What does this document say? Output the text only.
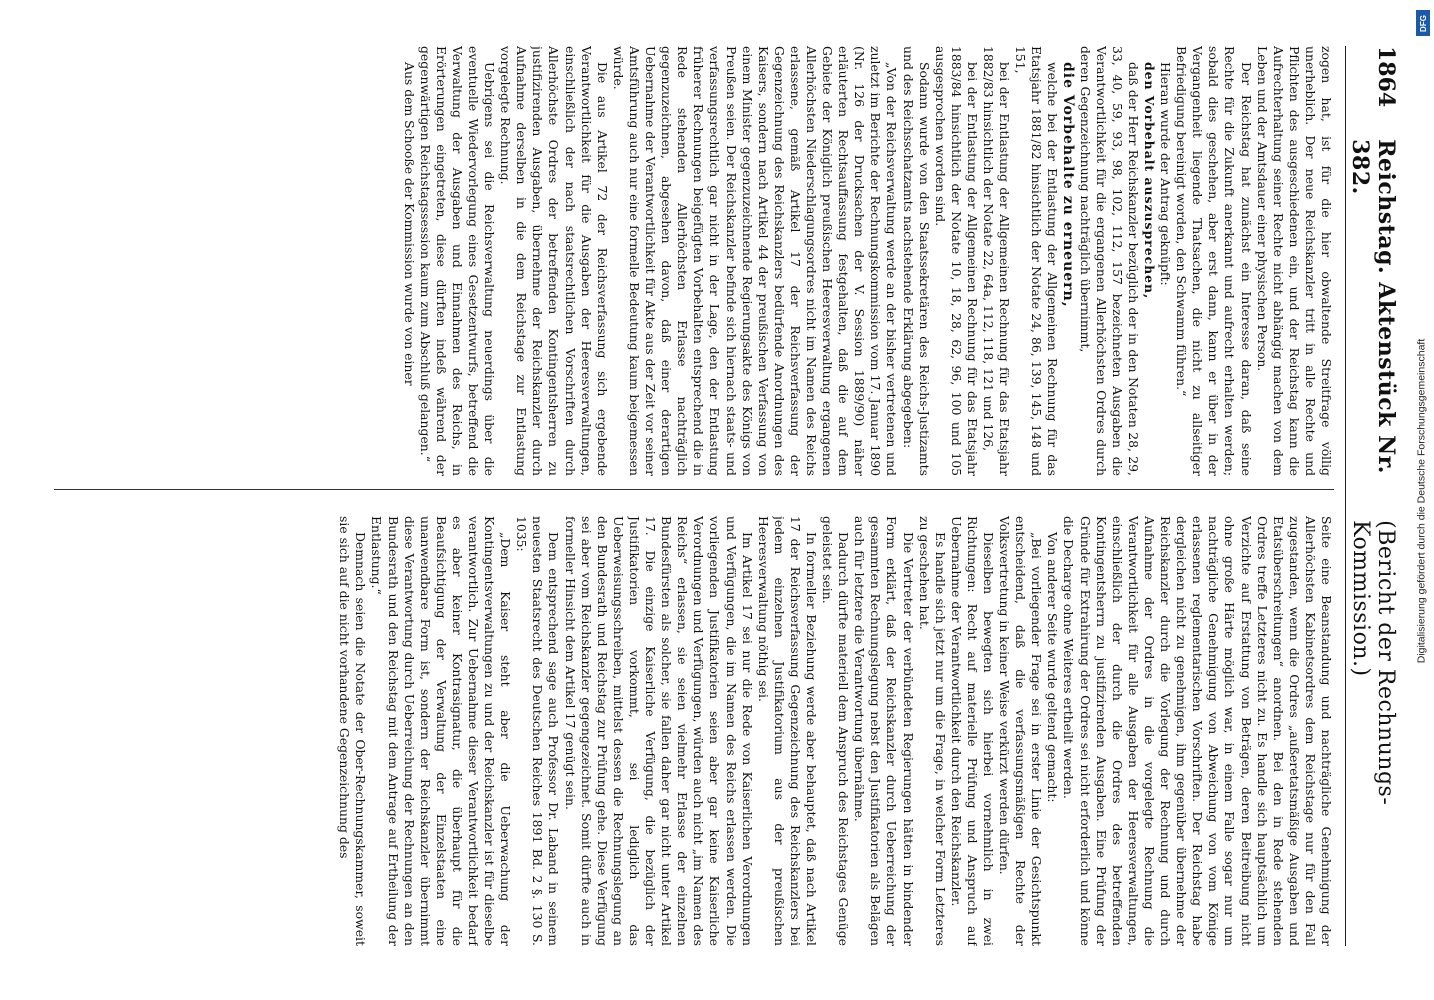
1864
Reichstag. Aktenstück Nr. 382.
(Bericht der Rechnungs-Kommission.)

zogen hat, ist für die hier obwaltende Streitfrage völlig unerheblich. Der neue Reichskanzler tritt in alle Rechte und Pflichten des ausgeschiedenen ein, und der Reichstag kann die Aufrechterhaltung seiner Rechte nicht abhängig machen von dem Leben und der Amtsdauer einer physischen Person.

Der Reichstag hat zunächst ein Interesse daran, daß seine Rechte für die Zukunft anerkannt und aufrecht erhalten werden; sobald dies geschehen, aber erst dann, kann er über in der Vergangenheit liegende Thatsachen, die nicht zu allseitiger Befriedigung bereinigt worden, den Schwamm führen.“

Hieran wurde der Antrag geknüpft:

den Vorbehalt auszusprechen,

daß der Herr Reichskanzler bezüglich der in den Notaten 28, 29, 33, 40, 59, 93, 98, 102, 112, 157 bezeichneten Ausgaben die Verantwortlichkeit für die ergangenen Allerhöchsten Ordres durch deren Gegenzeichnung nachträglich übernimmt,

die Vorbehalte zu erneuern,

welche bei der Entlastung der Allgemeinen Rechnung für das Etatsjahr 1881/82 hinsichtlich der Notate 24, 86, 139, 145, 148 und 151,

bei der Entlastung der Allgemeinen Rechnung für das Etatsjahr 1882/83 hinsichtlich der Notate 22, 64a, 112, 118, 121 und 126,

bei der Entlastung der Allgemeinen Rechnung für das Etatsjahr 1883/84 hinsichtlich der Notate 10, 18, 28, 62, 96, 100 und 105 ausgesprochen worden sind.

Sodann wurde von den Staatssekretären des Reichs-Justizamts und des Reichsschatzamts nachstehende Erklärung abgegeben:

„Von der Reichsverwaltung werde an der bisher vertretenen und zuletzt im Berichte der Rechnungskommission vom 17. Januar 1890 (Nr. 126 der Drucksachen der V. Session 1889/90) näher erläuterten Rechtsauffassung festgehalten, daß die auf dem Gebiete der Königlich preußischen Heeresverwaltung ergangenen Allerhöchsten Niederschlagungsordres nicht im Namen des Reichs erlassene, gemäß Artikel 17 der Reichsverfassung der Gegenzeichnung des Reichskanzlers bedürfende Anordnungen des Kaisers, sondern nach Artikel 44 der preußischen Verfassung von einem Minister gegenzuzeichnende Regierungsakte des Königs von Preußen seien. Der Reichskanzler befinde sich hiernach staats- und verfassungsrechtlich gar nicht in der Lage, den der Entlastung früherer Rechnungen beigefügten Vorbehalten entsprechend die in Rede stehenden Allerhöchsten Erlasse nachträglich gegenzuzeichnen, abgesehen davon, daß einer derartigen Uebernahme der Verantwortlichkeit für Akte aus der Zeit vor seiner Amtsführung auch nur eine formelle Bedeutung kaum beigemessen würde.

Die aus Artikel 72 der Reichsverfassung sich ergebende Verantwortlichkeit für die Ausgaben der Heeresverwaltungen, einschließlich der nach staatsrechtlichen Vorschriften durch Allerhöchste Ordres der betreffenden Kontingentsherren zu justifizirenden Ausgaben, übernehme der Reichskanzler durch Aufnahme derselben in die dem Reichstage zur Entlastung vorgelegte Rechnung.

Uebrigens sei die Reichsverwaltung neuerdings über die eventuelle Wiedervorlegung eines Gesetzentwurfs, betreffend die Verwaltung der Ausgaben und Einnahmen des Reichs, in Erörterungen eingetreten, diese dürften indeß während der gegenwärtigen Reichstagssession kaum zum Abschluß gelangen.“

Aus dem Schooße der Kommission wurde von einer

Seite eine Beanstandung und nachträgliche Genehmigung der Allerhöchsten Kabinetsordres dem Reichstage nur für den Fall zugestanden, wenn die Ordres „außeretatsmäßige Ausgaben und Etatsüberschreitungen“ anordnen. Bei den in Rede stehenden Ordres treffe Letzteres nicht zu. Es handle sich hauptsächlich um Verzichte auf Erstattung von Beträgen, deren Beitreibung nicht ohne große Härte möglich war, in einem Falle sogar nur um nachträgliche Genehmigung von Abweichung von vom Könige erlassenen reglementarischen Vorschriften. Der Reichstag habe dergleichen nicht zu genehmigen, ihm gegenüber übernehme der Reichskanzler durch die Vorlegung der Rechnung und durch Aufnahme der Ordres in die vorgelegte Rechnung die Verantwortlichkeit für alle Ausgaben der Heeresverwaltungen, einschließlich der durch die Ordres des betreffenden Kontingentsherrn zu justifizirenden Ausgaben. Eine Prüfung der Gründe für Extrahirung der Ordres sei nicht erforderlich und könne die Decharge ohne Weiteres ertheilt werden.

Von anderer Seite wurde geltend gemacht:

„Bei vorliegender Frage sei in erster Linie der Gesichtspunkt entscheidend, daß die verfassungsmäßigen Rechte der Volksvertretung in keiner Weise verkürzt werden dürfen.

Dieselben bewegten sich hierbei vornehmlich in zwei Richtungen: Recht auf materielle Prüfung und Anspruch auf Uebernahme der Verantwortlichkeit durch den Reichskanzler.

Es handle sich jetzt nur um die Frage, in welcher Form Letzteres zu geschehen hat.

Die Vertreter der verbündeten Regierungen hätten in bindender Form erklärt, daß der Reichskanzler durch Ueberreichung der gesammten Rechnungslegung nebst den Justifikatorien als Belägen auch für letztere die Verantwortung übernähme.

Dadurch dürfte materiell dem Anspruch des Reichstages Genüge geleistet sein.

In formeller Beziehung werde aber behauptet, daß nach Artikel 17 der Reichsverfassung Gegenzeichnung des Reichskanzlers bei jedem einzelnen Justifikatorium aus der preußischen Heeresverwaltung nöthig sei.

Im Artikel 17 sei nur die Rede von Kaiserlichen Verordnungen und Verfügungen, die im Namen des Reichs erlassen werden. Die vorliegenden Justifikatorien seien aber gar keine Kaiserliche Verordnungen und Verfügungen, würden auch nicht „im Namen des Reichs“ erlassen, sie seien vielmehr Erlasse der einzelnen Bundesfürsten als solcher, sie fallen daher gar nicht unter Artikel 17. Die einzige Kaiserliche Verfügung, die bezüglich der Justifikatorien vorkommt, sei lediglich das Ueberweisungsschreiben, mittelst dessen die Rechnungslegung an den Bundesrath und Reichstag zur Prüfung gehe. Diese Verfügung sei aber vom Reichskanzler gegengezeichnet. Somit dürfte auch in formeller Hinsicht dem Artikel 17 genügt sein.

Dem entsprechend sage auch Professor Dr. Laband in seinem neuesten Staatsrecht des Deutschen Reiches 1891 Bd. 2 §. 130 S. 1035:

„Dem Kaiser steht aber die Ueberwachung der Kontingentsverwaltungen zu und der Reichskanzler ist für dieselbe verantwortlich. Zur Uebernahme dieser Verantwortlichkeit bedarf es aber keiner Kontrasignatur, die überhaupt für die Beaufsichtigung der Verwaltung der Einzelstaaten eine unanwendbare Form ist, sondern der Reichskanzler übernimmt diese Verantwortung durch Ueberreichung der Rechnungen an den Bundesrath und den Reichstag mit dem Antrage auf Ertheilung der Entlastung.“

Demnach seien die Notate der Ober-Rechnungskammer, soweit sie sich auf die nicht vorhandene Gegenzeichnung des

DFG
Digitalisierung gefördert durch die Deutsche Forschungsgemeinschaft
